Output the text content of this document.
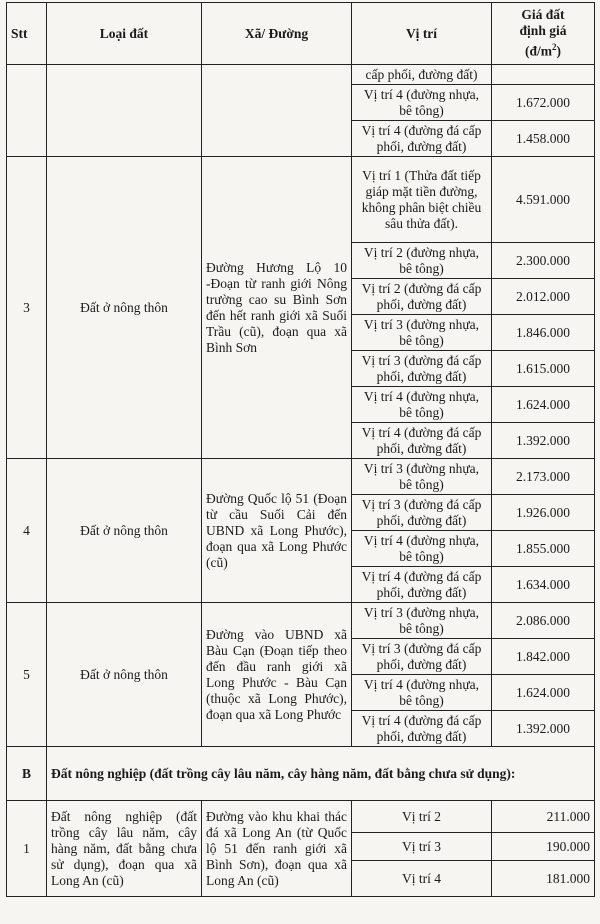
Stt	Loại đất	Xã/ Đường	Vị trí	Giá đất
định giá
$(đ/m^2)$

			cấp phối, đường đất)	
			Vị trí 4 (đường nhựa, bê tông)	1.672.000
			Vị trí 4 (đường đá cấp phối, đường đất)	1.458.000
3	Đất ở nông thôn	Đường Hương Lộ 10 -Đoạn từ ranh giới Nông trường cao su Bình Sơn đến hết ranh giới xã Suối Trầu (cũ), đoạn qua xã Bình Sơn	Vị trí 1 (Thửa đất tiếp giáp mặt tiền đường, không phân biệt chiều sâu thửa đất).	4.591.000
			Vị trí 2 (đường nhựa, bê tông)	2.300.000
			Vị trí 2 (đường đá cấp phối, đường đất)	2.012.000
			Vị trí 3 (đường nhựa, bê tông)	1.846.000
			Vị trí 3 (đường đá cấp phối, đường đất)	1.615.000
			Vị trí 4 (đường nhựa, bê tông)	1.624.000
			Vị trí 4 (đường đá cấp phối, đường đất)	1.392.000
4	Đất ở nông thôn	Đường Quốc lộ 51 (Đoạn từ cầu Suối Cải đến UBND xã Long Phước), đoạn qua xã Long Phước (cũ)	Vị trí 3 (đường nhựa, bê tông)	2.173.000
			Vị trí 3 (đường đá cấp phối, đường đất)	1.926.000
			Vị trí 4 (đường nhựa, bê tông)	1.855.000
			Vị trí 4 (đường đá cấp phối, đường đất)	1.634.000
5	Đất ở nông thôn	Đường vào UBND xã Bàu Cạn (Đoạn tiếp theo đến đầu ranh giới xã Long Phước - Bàu Cạn (thuộc xã Long Phước), đoạn qua xã Long Phước	Vị trí 3 (đường nhựa, bê tông)	2.086.000
			Vị trí 3 (đường đá cấp phối, đường đất)	1.842.000
			Vị trí 4 (đường nhựa, bê tông)	1.624.000
			Vị trí 4 (đường đá cấp phối, đường đất)	1.392.000
B	Đất nông nghiệp (đất trồng cây lâu năm, cây hàng năm, đất bằng chưa sử dụng):			
1	Đất nông nghiệp (đất trồng cây lâu năm, cây hàng năm, đất bằng chưa sử dụng), đoạn qua xã Long An (cũ)	Đường vào khu khai thác đá xã Long An (từ Quốc lộ 51 đến ranh giới xã Bình Sơn), đoạn qua xã Long An (cũ)	Vị trí 2	211.000
			Vị trí 3	190.000
			Vị trí 4	181.000
